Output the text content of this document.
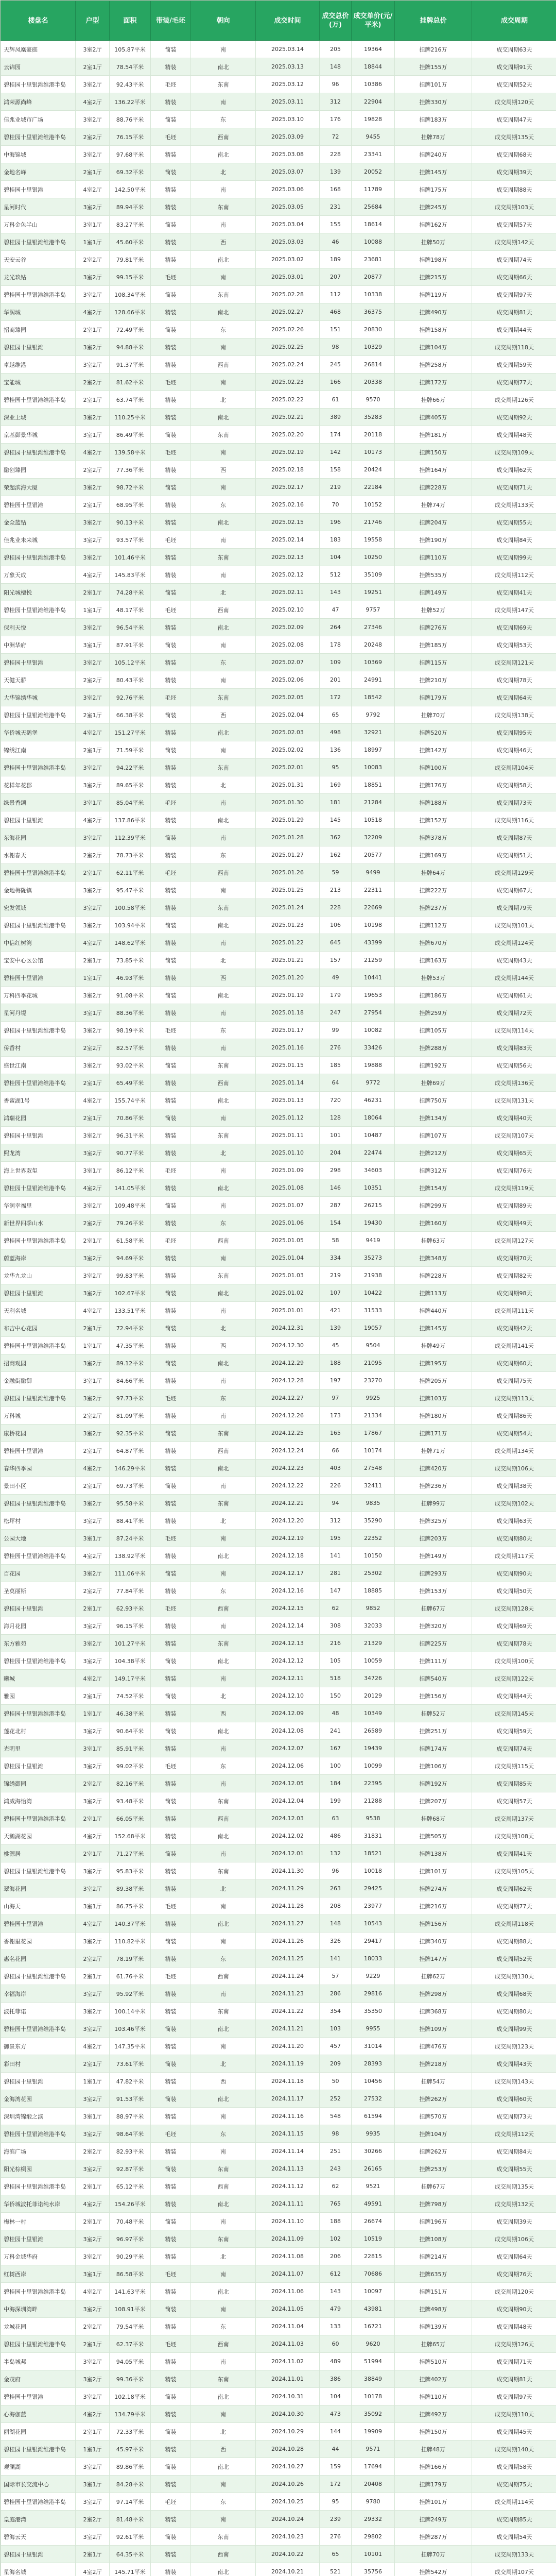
楼盘名	户型	面积	带装/毛坯	朝向	成交时间	成交总价(万)	成交单价(元/平米)	挂牌总价	成交周期
天辉凤凰豪庭	3室2厅	105.87平米	简装	南	2025.03.14	205	19364	挂牌216万	成交周期63天
云锦园	2室1厅	78.54平米	精装	南北	2025.03.13	148	18844	挂牌155万	成交周期91天
碧桂园十里银滩维港半岛	3室2厅	92.43平米	毛坯	东南	2025.03.12	96	10386	挂牌101万	成交周期52天
鸿荣源尚峰	4室2厅	136.22平米	精装	南	2025.03.11	312	22904	挂牌330万	成交周期120天
佳兆业城市广场	3室2厅	88.76平米	简装	东	2025.03.10	176	19828	挂牌183万	成交周期47天
碧桂园十里银滩维港半岛	2室2厅	76.15平米	毛坯	西南	2025.03.09	72	9455	挂牌78万	成交周期135天
中海锦城	3室2厅	97.68平米	精装	南北	2025.03.08	228	23341	挂牌240万	成交周期68天
金地名峰	2室1厅	69.32平米	简装	北	2025.03.07	139	20052	挂牌145万	成交周期39天
碧桂园十里银滩	4室2厅	142.50平米	精装	南	2025.03.06	168	11789	挂牌175万	成交周期88天
星河时代	3室2厅	89.94平米	精装	东南	2025.03.05	231	25684	挂牌245万	成交周期103天
万科金色半山	3室1厅	83.27平米	简装	南	2025.03.04	155	18614	挂牌162万	成交周期57天
碧桂园十里银滩维港半岛	1室1厅	45.60平米	精装	西	2025.03.03	46	10088	挂牌50万	成交周期142天
天安云谷	2室2厅	79.81平米	精装	南北	2025.03.02	189	23681	挂牌198万	成交周期74天
龙光玖钻	3室2厅	99.15平米	毛坯	南	2025.03.01	207	20877	挂牌215万	成交周期66天
碧桂园十里银滩维港半岛	3室2厅	108.34平米	简装	东南	2025.02.28	112	10338	挂牌119万	成交周期97天
华润城	4室2厅	128.66平米	精装	南北	2025.02.27	468	36375	挂牌490万	成交周期81天
招商臻园	2室1厅	72.49平米	简装	东	2025.02.26	151	20830	挂牌158万	成交周期44天
碧桂园十里银滩	3室2厅	94.88平米	精装	南	2025.02.25	98	10329	挂牌104万	成交周期118天
卓越维港	3室2厅	91.37平米	精装	西南	2025.02.24	245	26814	挂牌258万	成交周期59天
宝能城	2室2厅	81.62平米	毛坯	南	2025.02.23	166	20338	挂牌172万	成交周期77天
碧桂园十里银滩维港半岛	2室1厅	63.74平米	精装	北	2025.02.22	61	9570	挂牌66万	成交周期126天
深业上城	3室2厅	110.25平米	精装	南北	2025.02.21	389	35283	挂牌405万	成交周期92天
京基御景华城	3室1厅	86.49平米	简装	东南	2025.02.20	174	20118	挂牌181万	成交周期48天
碧桂园十里银滩维港半岛	4室2厅	139.58平米	毛坯	南	2025.02.19	142	10173	挂牌150万	成交周期109天
融创臻园	2室2厅	77.36平米	精装	西	2025.02.18	158	20424	挂牌164万	成交周期62天
荣超滨海大厦	3室2厅	98.72平米	简装	南	2025.02.17	219	22184	挂牌228万	成交周期71天
碧桂园十里银滩	2室1厅	68.95平米	精装	东	2025.02.16	70	10152	挂牌74万	成交周期133天
金众蓝钻	3室2厅	90.13平米	精装	南北	2025.02.15	196	21746	挂牌204万	成交周期55天
佳兆业未来城	3室2厅	93.57平米	毛坯	南	2025.02.14	183	19558	挂牌190万	成交周期84天
碧桂园十里银滩维港半岛	3室2厅	101.46平米	精装	东南	2025.02.13	104	10250	挂牌110万	成交周期99天
万象天成	4室2厅	145.83平米	精装	南	2025.02.12	512	35109	挂牌535万	成交周期112天
阳光城檀悦	2室1厅	74.28平米	简装	北	2025.02.11	143	19251	挂牌149万	成交周期41天
碧桂园十里银滩维港半岛	1室1厅	48.17平米	毛坯	西南	2025.02.10	47	9757	挂牌52万	成交周期147天
保利天悦	3室2厅	96.54平米	精装	南北	2025.02.09	264	27346	挂牌276万	成交周期69天
中洲华府	3室1厅	87.91平米	简装	南	2025.02.08	178	20248	挂牌185万	成交周期53天
碧桂园十里银滩	3室2厅	105.12平米	精装	东	2025.02.07	109	10369	挂牌115万	成交周期121天
天健天骄	2室2厅	80.43平米	精装	南	2025.02.06	201	24991	挂牌210万	成交周期78天
大华锦绣华城	3室2厅	92.76平米	毛坯	东南	2025.02.05	172	18542	挂牌179万	成交周期64天
碧桂园十里银滩维港半岛	2室1厅	66.38平米	简装	西	2025.02.04	65	9792	挂牌70万	成交周期138天
华侨城天鹅堡	4室2厅	151.27平米	精装	南北	2025.02.03	498	32921	挂牌520万	成交周期95天
锦绣江南	2室1厅	71.59平米	简装	南	2025.02.02	136	18997	挂牌142万	成交周期46天
碧桂园十里银滩维港半岛	3室2厅	94.22平米	精装	东南	2025.02.01	95	10083	挂牌100万	成交周期104天
花样年花郡	3室2厅	89.65平米	精装	北	2025.01.31	169	18851	挂牌176万	成交周期58天
绿景香颂	3室1厅	85.04平米	毛坯	南	2025.01.30	181	21284	挂牌188万	成交周期73天
碧桂园十里银滩	4室2厅	137.86平米	精装	南北	2025.01.29	145	10518	挂牌152万	成交周期116天
东海花园	3室2厅	112.39平米	简装	南	2025.01.28	362	32209	挂牌378万	成交周期87天
水榭春天	2室2厅	78.73平米	精装	东	2025.01.27	162	20577	挂牌169万	成交周期51天
碧桂园十里银滩维港半岛	2室1厅	62.11平米	毛坯	西南	2025.01.26	59	9499	挂牌64万	成交周期129天
金地梅陇镇	3室2厅	95.47平米	精装	南	2025.01.25	213	22311	挂牌222万	成交周期67天
宏发领域	3室2厅	100.58平米	精装	东南	2025.01.24	228	22669	挂牌237万	成交周期79天
碧桂园十里银滩维港半岛	3室2厅	103.94平米	简装	南北	2025.01.23	106	10198	挂牌112万	成交周期101天
中信红树湾	4室2厅	148.62平米	精装	南	2025.01.22	645	43399	挂牌670万	成交周期124天
宝安中心区公馆	2室1厅	73.85平米	简装	北	2025.01.21	157	21259	挂牌163万	成交周期43天
碧桂园十里银滩	1室1厅	46.93平米	精装	西	2025.01.20	49	10441	挂牌53万	成交周期144天
万科四季花城	3室2厅	91.08平米	简装	南北	2025.01.19	179	19653	挂牌186万	成交周期61天
星河丹堤	3室1厅	88.36平米	精装	南	2025.01.18	247	27954	挂牌259万	成交周期72天
碧桂园十里银滩维港半岛	3室2厅	98.19平米	毛坯	东	2025.01.17	99	10082	挂牌105万	成交周期114天
侨香村	2室2厅	82.57平米	精装	南	2025.01.16	276	33426	挂牌288万	成交周期83天
盛世江南	3室2厅	93.02平米	简装	东南	2025.01.15	185	19888	挂牌192万	成交周期56天
碧桂园十里银滩维港半岛	2室1厅	65.49平米	精装	西南	2025.01.14	64	9772	挂牌69万	成交周期136天
香蜜湖1号	4室2厅	155.74平米	精装	南北	2025.01.13	720	46231	挂牌750万	成交周期131天
鸿瑞花园	2室1厅	70.86平米	简装	南	2025.01.12	128	18064	挂牌134万	成交周期40天
碧桂园十里银滩	3室2厅	96.31平米	精装	东南	2025.01.11	101	10487	挂牌107万	成交周期107天
熙龙湾	3室2厅	90.77平米	精装	北	2025.01.10	204	22474	挂牌212万	成交周期65天
海上世界双玺	3室1厅	86.12平米	毛坯	南	2025.01.09	298	34603	挂牌312万	成交周期76天
碧桂园十里银滩维港半岛	4室2厅	141.05平米	精装	南北	2025.01.08	146	10351	挂牌154万	成交周期119天
华润幸福里	3室2厅	109.48平米	简装	南	2025.01.07	287	26215	挂牌299万	成交周期89天
新世界四季山水	2室2厅	79.26平米	精装	东	2025.01.06	154	19430	挂牌160万	成交周期49天
碧桂园十里银滩维港半岛	2室1厅	61.58平米	毛坯	西南	2025.01.05	58	9419	挂牌63万	成交周期127天
蔚蓝海岸	3室2厅	94.69平米	精装	南	2025.01.04	334	35273	挂牌348万	成交周期70天
龙华九龙山	3室2厅	99.83平米	精装	东南	2025.01.03	219	21938	挂牌228万	成交周期82天
碧桂园十里银滩	3室2厅	102.67平米	简装	南北	2025.01.02	107	10422	挂牌113万	成交周期98天
天利名城	4室2厅	133.51平米	精装	南	2025.01.01	421	31533	挂牌440万	成交周期111天
布吉中心花园	2室1厅	72.94平米	简装	北	2024.12.31	139	19057	挂牌145万	成交周期42天
碧桂园十里银滩维港半岛	1室1厅	47.35平米	精装	西	2024.12.30	45	9504	挂牌49万	成交周期141天
招商观园	3室2厅	89.12平米	简装	南北	2024.12.29	188	21095	挂牌195万	成交周期60天
金融街融御	3室1厅	84.66平米	精装	南	2024.12.28	197	23270	挂牌205万	成交周期75天
碧桂园十里银滩维港半岛	3室2厅	97.73平米	毛坯	东	2024.12.27	97	9925	挂牌103万	成交周期113天
万科城	2室2厅	81.09平米	精装	南	2024.12.26	173	21334	挂牌180万	成交周期86天
康桥花园	3室2厅	92.35平米	简装	东南	2024.12.25	165	17867	挂牌171万	成交周期54天
碧桂园十里银滩	2室1厅	64.87平米	精装	西南	2024.12.24	66	10174	挂牌71万	成交周期134天
春华四季园	4室2厅	146.29平米	精装	南北	2024.12.23	403	27548	挂牌420万	成交周期106天
景田小区	2室1厅	69.73平米	简装	南	2024.12.22	226	32411	挂牌236万	成交周期38天
碧桂园十里银滩维港半岛	3室2厅	95.58平米	精装	东南	2024.12.21	94	9835	挂牌99万	成交周期102天
松坪村	3室2厅	88.41平米	精装	北	2024.12.20	312	35290	挂牌325万	成交周期63天
公园大地	3室1厅	87.24平米	毛坯	南	2024.12.19	195	22352	挂牌203万	成交周期80天
碧桂园十里银滩维港半岛	4室2厅	138.92平米	精装	南北	2024.12.18	141	10150	挂牌149万	成交周期117天
百花园	3室2厅	111.06平米	简装	南	2024.12.17	281	25302	挂牌293万	成交周期90天
圣莫丽斯	2室2厅	77.84平米	精装	东	2024.12.16	147	18885	挂牌153万	成交周期50天
碧桂园十里银滩	2室1厅	62.93平米	毛坯	西南	2024.12.15	62	9852	挂牌67万	成交周期128天
海月花园	3室2厅	96.15平米	精装	南	2024.12.14	308	32033	挂牌320万	成交周期69天
东方雅苑	3室2厅	101.27平米	精装	东南	2024.12.13	216	21329	挂牌225万	成交周期78天
碧桂园十里银滩维港半岛	3室2厅	104.38平米	简装	南北	2024.12.12	105	10059	挂牌111万	成交周期100天
曦城	4室2厅	149.17平米	精装	南	2024.12.11	518	34726	挂牌540万	成交周期122天
雅园	2室1厅	74.52平米	简装	北	2024.12.10	150	20129	挂牌156万	成交周期44天
碧桂园十里银滩维港半岛	1室1厅	46.38平米	精装	西	2024.12.09	48	10349	挂牌52万	成交周期145天
莲花北村	3室2厅	90.64平米	简装	南北	2024.12.08	241	26589	挂牌251万	成交周期59天
光明里	3室1厅	85.91平米	精装	南	2024.12.07	167	19439	挂牌174万	成交周期74天
碧桂园十里银滩	3室2厅	99.02平米	毛坯	东	2024.12.06	100	10099	挂牌106万	成交周期115天
锦绣御园	2室2厅	82.16平米	精装	南	2024.12.05	184	22395	挂牌192万	成交周期85天
鸿威海怡湾	3室2厅	93.48平米	简装	东南	2024.12.04	199	21288	挂牌207万	成交周期57天
碧桂园十里银滩维港半岛	2室1厅	66.05平米	精装	西南	2024.12.03	63	9538	挂牌68万	成交周期137天
天鹅湖花园	4室2厅	152.68平米	精装	南北	2024.12.02	486	31831	挂牌505万	成交周期108天
桃源居	2室1厅	71.27平米	简装	南	2024.12.01	132	18521	挂牌138万	成交周期41天
碧桂园十里银滩维港半岛	3室2厅	95.83平米	精装	东南	2024.11.30	96	10018	挂牌101万	成交周期105天
翠海花园	3室2厅	89.38平米	精装	北	2024.11.29	263	29425	挂牌274万	成交周期62天
山海天	3室1厅	86.75平米	毛坯	南	2024.11.28	208	23977	挂牌216万	成交周期77天
碧桂园十里银滩	4室2厅	140.37平米	精装	南北	2024.11.27	148	10543	挂牌156万	成交周期118天
香榭里花园	3室2厅	110.82平米	简装	南	2024.11.26	326	29417	挂牌340万	成交周期88天
惠名花园	2室2厅	78.19平米	精装	东	2024.11.25	141	18033	挂牌147万	成交周期52天
碧桂园十里银滩维港半岛	2室1厅	61.76平米	毛坯	西南	2024.11.24	57	9229	挂牌62万	成交周期130天
幸福海岸	3室2厅	95.92平米	精装	南	2024.11.23	286	29816	挂牌298万	成交周期68天
波托菲诺	3室2厅	100.14平米	精装	东南	2024.11.22	354	35350	挂牌368万	成交周期80天
碧桂园十里银滩维港半岛	3室2厅	103.46平米	简装	南北	2024.11.21	103	9955	挂牌109万	成交周期99天
御景东方	4室2厅	147.35平米	精装	南	2024.11.20	457	31014	挂牌476万	成交周期123天
彩田村	2室1厅	73.61平米	简装	北	2024.11.19	209	28393	挂牌218万	成交周期43天
碧桂园十里银滩	1室1厅	47.82平米	精装	西	2024.11.18	50	10456	挂牌54万	成交周期143天
金海湾花园	3室2厅	91.53平米	简装	南北	2024.11.17	252	27532	挂牌262万	成交周期60天
深圳湾锦缎之滨	3室1厅	88.97平米	精装	南	2024.11.16	548	61594	挂牌570万	成交周期73天
碧桂园十里银滩维港半岛	3室2厅	98.64平米	毛坯	东	2024.11.15	98	9935	挂牌104万	成交周期112天
海滨广场	2室2厅	82.93平米	精装	南	2024.11.14	251	30266	挂牌262万	成交周期84天
阳光棕榈园	3室2厅	92.87平米	简装	东南	2024.11.13	243	26165	挂牌253万	成交周期55天
碧桂园十里银滩维港半岛	2室1厅	65.12平米	精装	西南	2024.11.12	62	9521	挂牌67万	成交周期135天
华侨城波托菲诺纯水岸	4室2厅	154.26平米	精装	南北	2024.11.11	765	49591	挂牌798万	成交周期132天
梅林一村	2室1厅	70.48平米	简装	南	2024.11.10	188	26674	挂牌196万	成交周期39天
碧桂园十里银滩	3室2厅	96.97平米	精装	东南	2024.11.09	102	10519	挂牌108万	成交周期106天
万科金域华府	3室2厅	90.29平米	精装	北	2024.11.08	206	22815	挂牌214万	成交周期64天
红树西岸	3室1厅	86.58平米	毛坯	南	2024.11.07	612	70686	挂牌635万	成交周期76天
碧桂园十里银滩维港半岛	4室2厅	141.63平米	精装	南北	2024.11.06	143	10097	挂牌151万	成交周期120天
中海深圳湾畔	3室2厅	108.91平米	简装	南	2024.11.05	479	43981	挂牌498万	成交周期90天
龙城花园	2室2厅	79.54平米	精装	东	2024.11.04	133	16721	挂牌139万	成交周期48天
碧桂园十里银滩维港半岛	2室1厅	62.37平米	毛坯	西南	2024.11.03	60	9620	挂牌65万	成交周期126天
半岛城邦	3室2厅	94.05平米	精装	南	2024.11.02	489	51994	挂牌510万	成交周期71天
金茂府	3室2厅	99.36平米	精装	东南	2024.11.01	386	38849	挂牌402万	成交周期81天
碧桂园十里银滩	3室2厅	102.18平米	简装	南北	2024.10.31	104	10178	挂牌110万	成交周期97天
心海伽蓝	4室2厅	134.79平米	精装	南	2024.10.30	473	35092	挂牌492万	成交周期110天
丽湖花园	2室1厅	72.33平米	简装	北	2024.10.29	144	19909	挂牌150万	成交周期45天
碧桂园十里银滩维港半岛	1室1厅	45.97平米	精装	西	2024.10.28	44	9571	挂牌48万	成交周期140天
观澜湖	3室2厅	89.86平米	简装	南北	2024.10.27	159	17694	挂牌166万	成交周期58天
国际市长交流中心	3室1厅	84.28平米	精装	南	2024.10.26	172	20408	挂牌179万	成交周期75天
碧桂园十里银滩维港半岛	3室2厅	97.14平米	毛坯	东	2024.10.25	95	9780	挂牌101万	成交周期114天
皇庭港湾	2室2厅	81.48平米	精装	南	2024.10.24	239	29332	挂牌249万	成交周期85天
碧海云天	3室2厅	92.61平米	简装	东南	2024.10.23	276	29802	挂牌287万	成交周期54天
碧桂园十里银滩	2室1厅	64.35平米	精装	西南	2024.10.22	65	10101	挂牌70万	成交周期133天
星海名城	4室2厅	145.71平米	精装	南北	2024.10.21	521	35756	挂牌542万	成交周期107天
